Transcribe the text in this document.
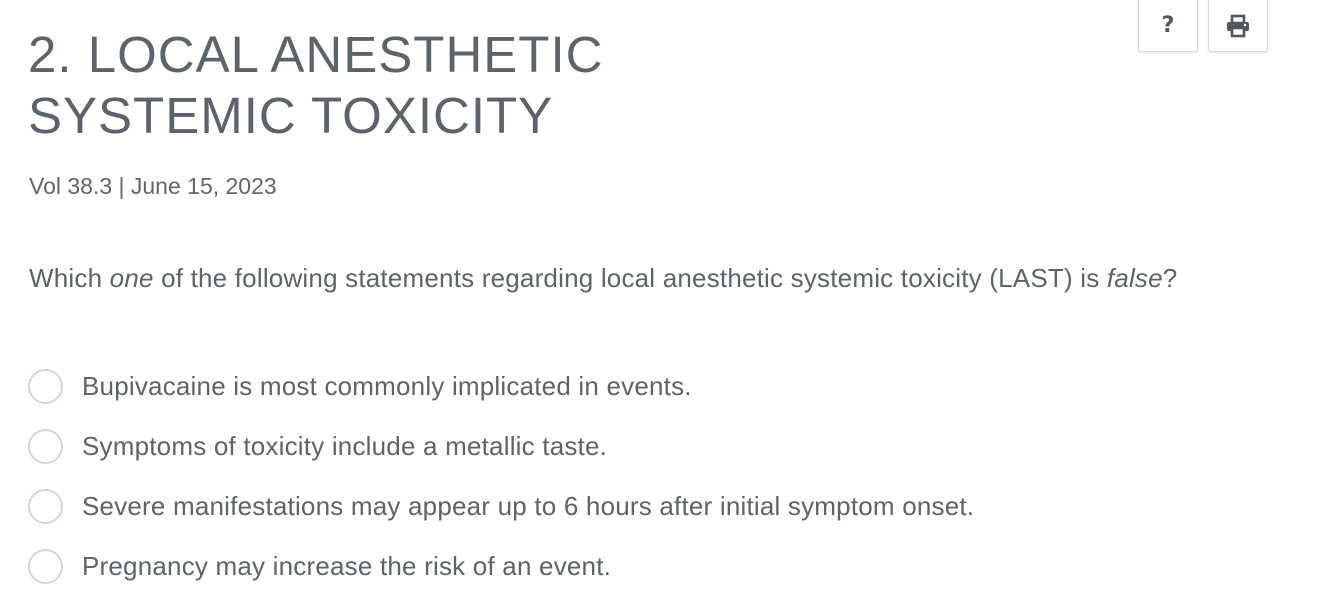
?
2. LOCAL ANESTHETIC
SYSTEMIC TOXICITY
Vol 38.3 | June 15, 2023
Which one of the following statements regarding local anesthetic systemic toxicity (LAST) is false?
Bupivacaine is most commonly implicated in events.
Symptoms of toxicity include a metallic taste.
Severe manifestations may appear up to 6 hours after initial symptom onset.
Pregnancy may increase the risk of an event.
